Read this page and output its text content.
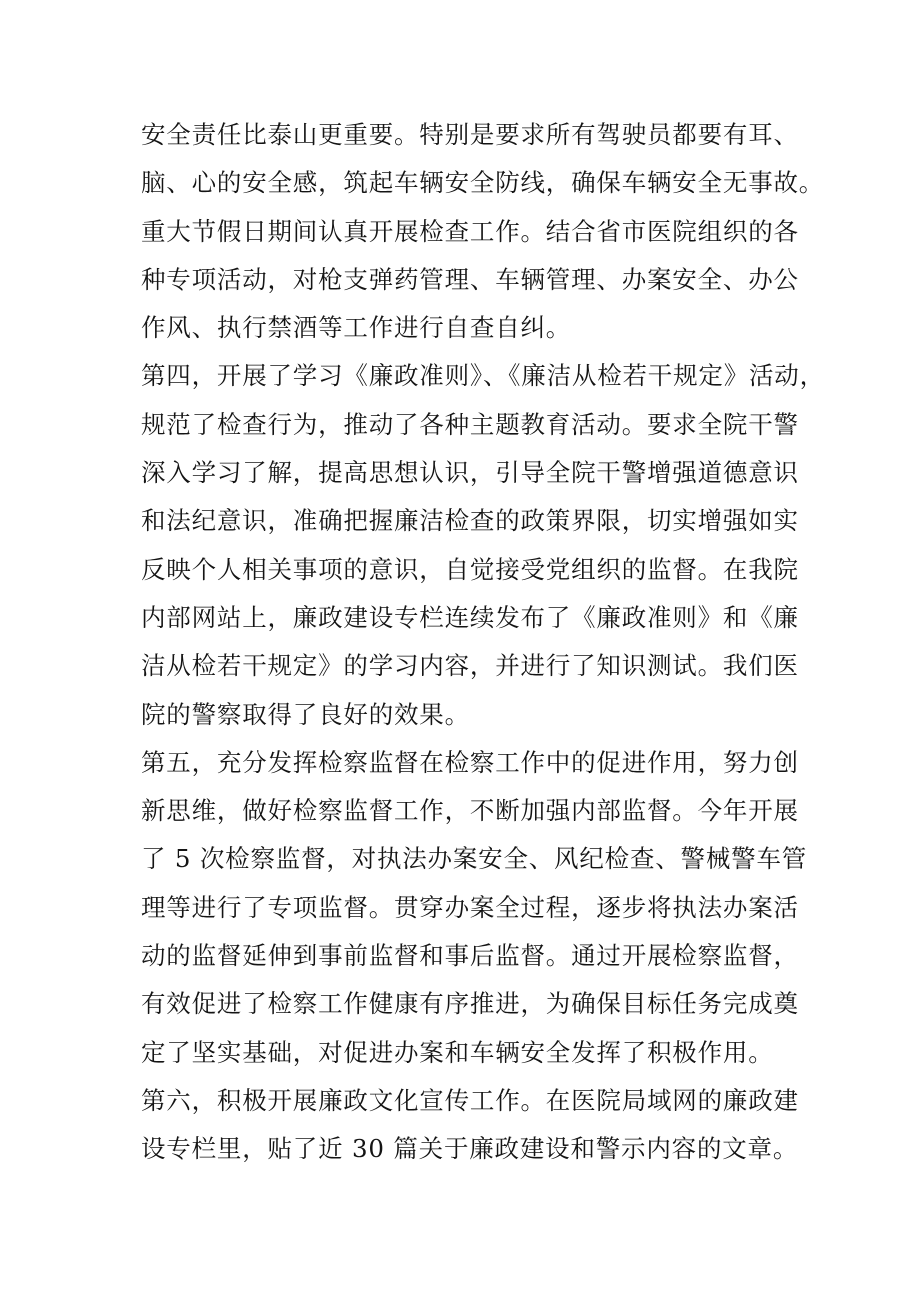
安全责任比泰山更重要。特别是要求所有驾驶员都要有耳、
脑、心的安全感，筑起车辆安全防线，确保车辆安全无事故。
重大节假日期间认真开展检查工作。结合省市医院组织的各
种专项活动，对枪支弹药管理、车辆管理、办案安全、办公
作风、执行禁酒等工作进行自查自纠。
第四，开展了学习《廉政准则》、《廉洁从检若干规定》活动，
规范了检查行为，推动了各种主题教育活动。要求全院干警
深入学习了解，提高思想认识，引导全院干警增强道德意识
和法纪意识，准确把握廉洁检查的政策界限，切实增强如实
反映个人相关事项的意识，自觉接受党组织的监督。在我院
内部网站上，廉政建设专栏连续发布了《廉政准则》和《廉
洁从检若干规定》的学习内容，并进行了知识测试。我们医
院的警察取得了良好的效果。
第五，充分发挥检察监督在检察工作中的促进作用，努力创
新思维，做好检察监督工作，不断加强内部监督。今年开展
了 5 次检察监督，对执法办案安全、风纪检查、警械警车管
理等进行了专项监督。贯穿办案全过程，逐步将执法办案活
动的监督延伸到事前监督和事后监督。通过开展检察监督，
有效促进了检察工作健康有序推进，为确保目标任务完成奠
定了坚实基础，对促进办案和车辆安全发挥了积极作用。
第六，积极开展廉政文化宣传工作。在医院局域网的廉政建
设专栏里，贴了近 30 篇关于廉政建设和警示内容的文章。
